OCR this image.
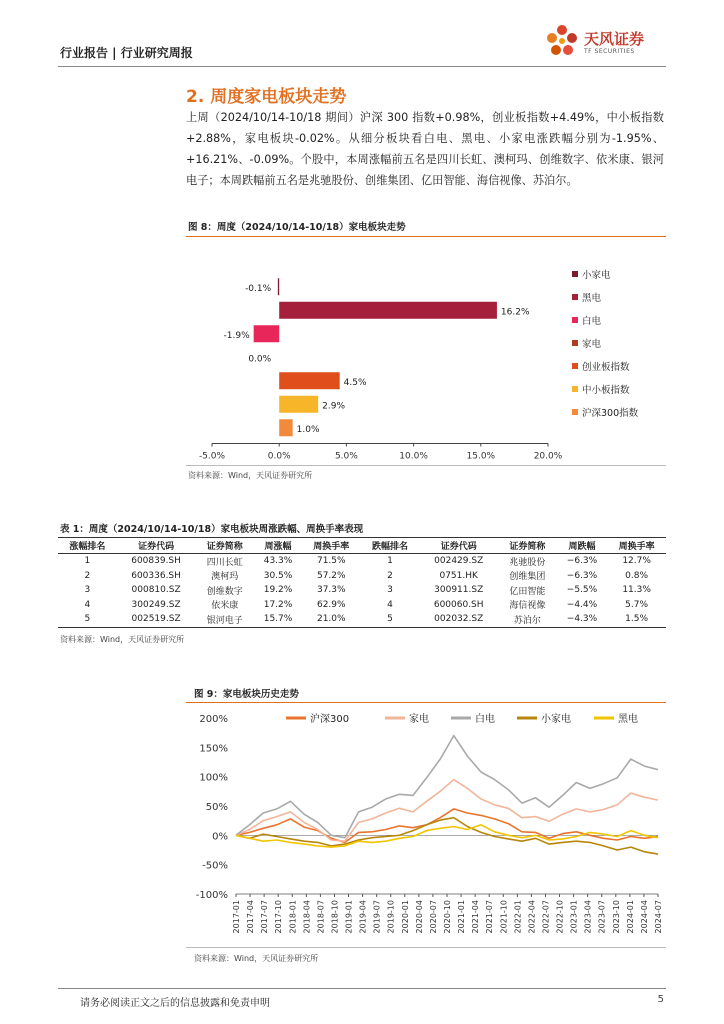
行业报告 | 行业研究周报
天风证券
TF SECURITIES
2. 周度家电板块走势
上周（2024/10/14-10/18 期间）沪深 300 指数+0.98%，创业板指数+4.49%，中小板指数+2.88%，家电板块-0.02%。从细分板块看白电、黑电、小家电涨跌幅分别为-1.95%、+16.21%、-0.09%。个股中，本周涨幅前五名是四川长虹、澳柯玛、创维数字、依米康、银河电子；本周跌幅前五名是兆驰股份、创维集团、亿田智能、海信视像、苏泊尔。
图 8：周度（2024/10/14-10/18）家电板块走势
-5.0%	0.0%	5.0%	10.0%	15.0%	20.0%
-0.1%
16.2%
-1.9%
0.0%
4.5%
2.9%
1.0%
小家电
黑电
白电
家电
创业板指数
中小板指数
沪深300指数
资料来源：Wind，天风证券研究所
表 1：周度（2024/10/14-10/18）家电板块周涨跌幅、周换手率表现
涨幅排名	证券代码	证券简称	周涨幅	周换手率	跌幅排名	证券代码	证券简称	周跌幅	周换手率
1	600839.SH	四川长虹	43.3%	71.5%	1	002429.SZ	兆驰股份	−6.3%	12.7%
2	600336.SH	澳柯玛	30.5%	57.2%	2	0751.HK	创维集团	−6.3%	0.8%
3	000810.SZ	创维数字	19.2%	37.3%	3	300911.SZ	亿田智能	−5.5%	11.3%
4	300249.SZ	依米康	17.2%	62.9%	4	600060.SH	海信视像	−4.4%	5.7%
5	002519.SZ	银河电子	15.7%	21.0%	5	002032.SZ	苏泊尔	−4.3%	1.5%
资料来源：Wind，天风证券研究所
图 9：家电板块历史走势
200%
150%
100%
50%
0%
-50%
-100%
2017-01 2017-04 2017-07 2017-10 2018-01 2018-04 2018-07 2018-10 2019-01 2019-04 2019-07 2019-10 2020-01 2020-04 2020-07 2020-10 2021-01 2021-04 2021-07 2021-10 2022-01 2022-04 2022-07 2022-10 2023-01 2023-04 2023-07 2023-10 2024-01 2024-04 2024-07
沪深300	家电	白电	小家电	黑电
资料来源：Wind，天风证券研究所
请务必阅读正文之后的信息披露和免责申明	5
